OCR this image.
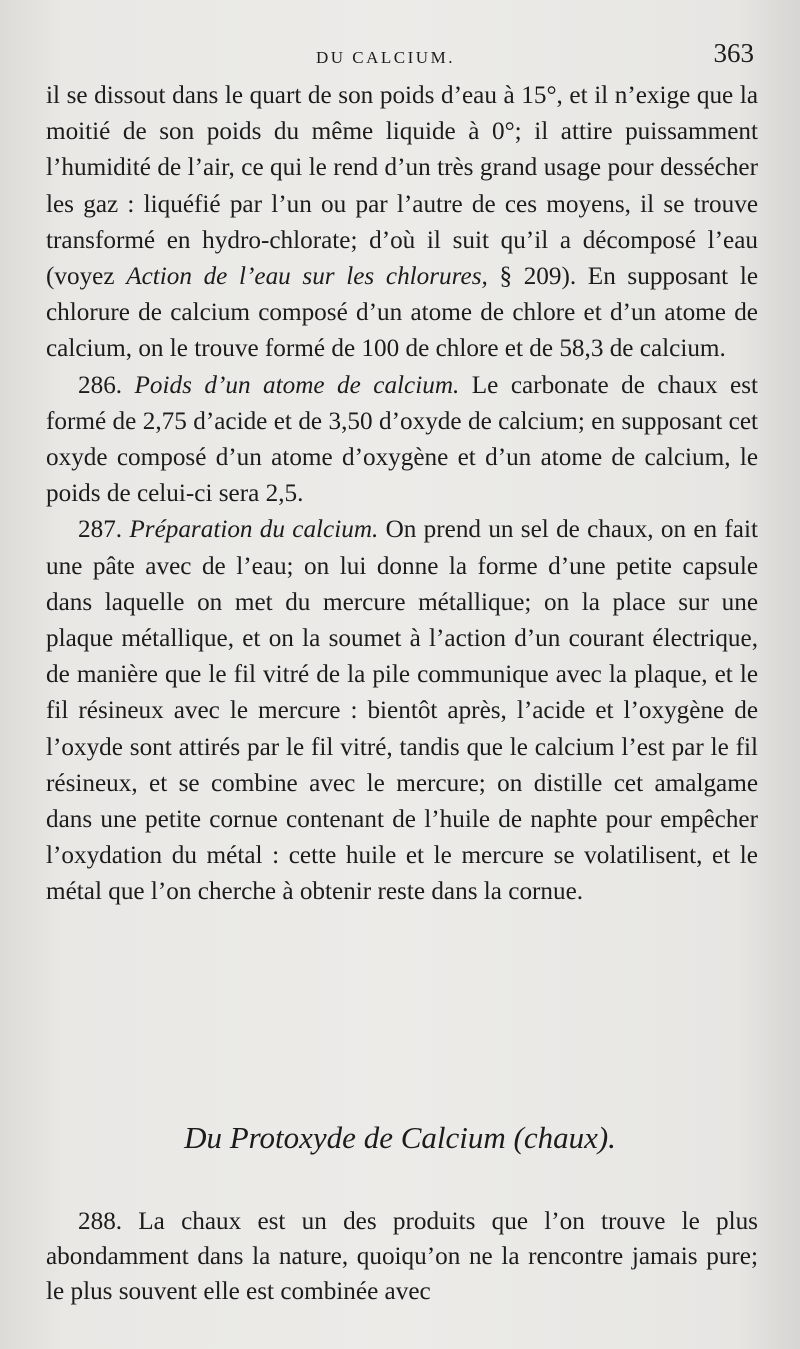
DU CALCIUM.	363

il se dissout dans le quart de son poids d’eau à 15°, et il n’exige que la moitié de son poids du même liquide à 0°; il attire puissamment l’humidité de l’air, ce qui le rend d’un très grand usage pour dessécher les gaz : liquéfié par l’un ou par l’autre de ces moyens, il se trouve transformé en hydro-chlorate; d’où il suit qu’il a décomposé l’eau (voyez Action de l’eau sur les chlorures, § 209). En supposant le chlorure de calcium composé d’un atome de chlore et d’un atome de calcium, on le trouve formé de 100 de chlore et de 58,3 de calcium.

286. Poids d’un atome de calcium. Le carbonate de chaux est formé de 2,75 d’acide et de 3,50 d’oxyde de calcium; en supposant cet oxyde composé d’un atome d’oxygène et d’un atome de calcium, le poids de celui-ci sera 2,5.

287. Préparation du calcium. On prend un sel de chaux, on en fait une pâte avec de l’eau; on lui donne la forme d’une petite capsule dans laquelle on met du mercure métallique; on la place sur une plaque métallique, et on la soumet à l’action d’un courant électrique, de manière que le fil vitré de la pile communique avec la plaque, et le fil résineux avec le mercure : bientôt après, l’acide et l’oxygène de l’oxyde sont attirés par le fil vitré, tandis que le calcium l’est par le fil résineux, et se combine avec le mercure; on distille cet amalgame dans une petite cornue contenant de l’huile de naphte pour empêcher l’oxydation du métal : cette huile et le mercure se volatilisent, et le métal que l’on cherche à obtenir reste dans la cornue.

Du Protoxyde de Calcium (chaux).

288. La chaux est un des produits que l’on trouve le plus abondamment dans la nature, quoiqu’on ne la rencontre jamais pure; le plus souvent elle est combinée avec
